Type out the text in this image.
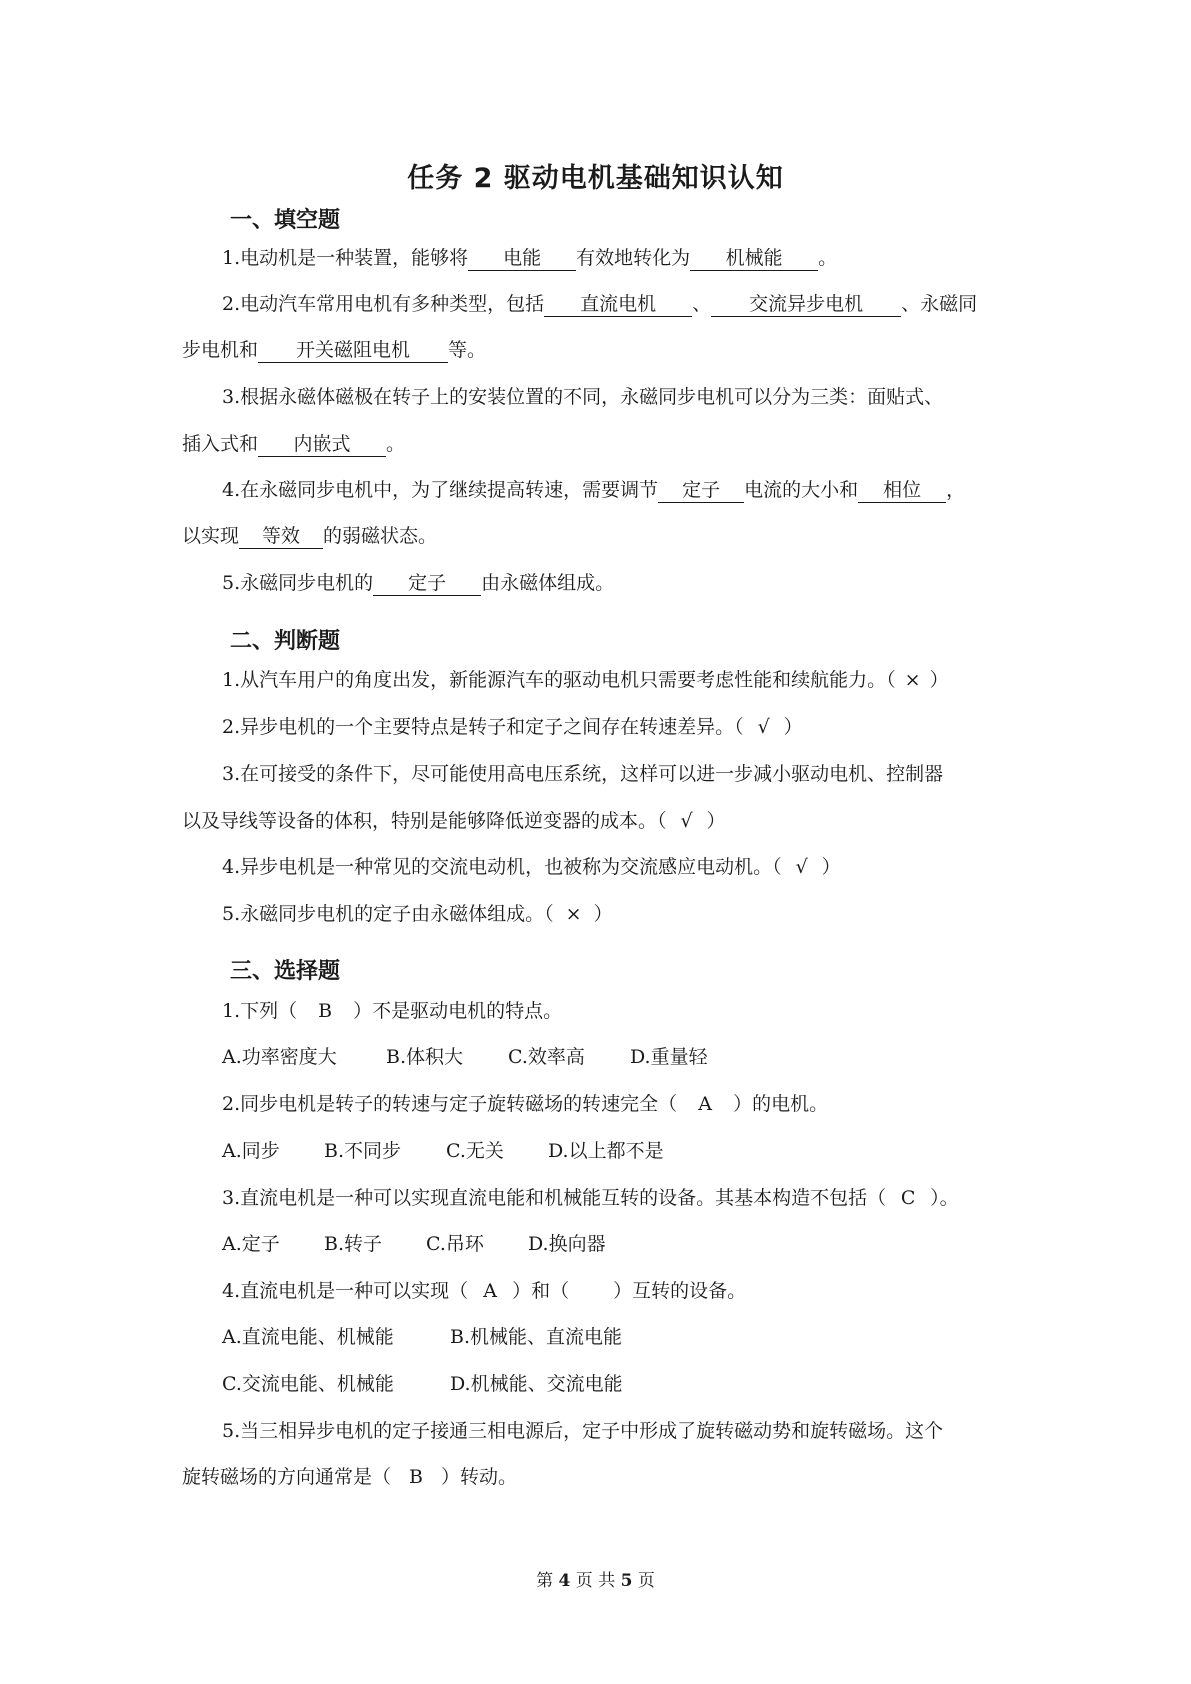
任务 2 驱动电机基础知识认知
一、填空题
1.电动机是一种装置，能够将 电能 有效地转化为 机械能 。
2.电动汽车常用电机有多种类型，包括 直流电机 、 交流异步电机 、永磁同
步电机和 开关磁阻电机 等。
3.根据永磁体磁极在转子上的安装位置的不同，永磁同步电机可以分为三类：面贴式、
插入式和 内嵌式 。
4.在永磁同步电机中，为了继续提高转速，需要调节 定子 电流的大小和 相位 ，
以实现 等效 的弱磁状态。
5.永磁同步电机的 定子 由永磁体组成。
二、判断题
1.从汽车用户的角度出发，新能源汽车的驱动电机只需要考虑性能和续航能力。（ × ）
2.异步电机的一个主要特点是转子和定子之间存在转速差异。（ √ ）
3.在可接受的条件下，尽可能使用高电压系统，这样可以进一步减小驱动电机、控制器
以及导线等设备的体积，特别是能够降低逆变器的成本。（ √ ）
4.异步电机是一种常见的交流电动机，也被称为交流感应电动机。（ √ ）
5.永磁同步电机的定子由永磁体组成。（ × ）
三、选择题
1.下列（ B ）不是驱动电机的特点。
A.功率密度大	B.体积大 C.效率高 D.重量轻
2.同步电机是转子的转速与定子旋转磁场的转速完全（ A ）的电机。
A.同步 B.不同步 C.无关 D.以上都不是
3.直流电机是一种可以实现直流电能和机械能互转的设备。其基本构造不包括（ C ）。
A.定子 B.转子 C.吊环 D.换向器
4.直流电机是一种可以实现（ A ）和（ ）互转的设备。
A.直流电能、机械能	B.机械能、直流电能
C.交流电能、机械能	D.机械能、交流电能
5.当三相异步电机的定子接通三相电源后，定子中形成了旋转磁动势和旋转磁场。这个
旋转磁场的方向通常是（ B ）转动。
第 4 页 共 5 页
